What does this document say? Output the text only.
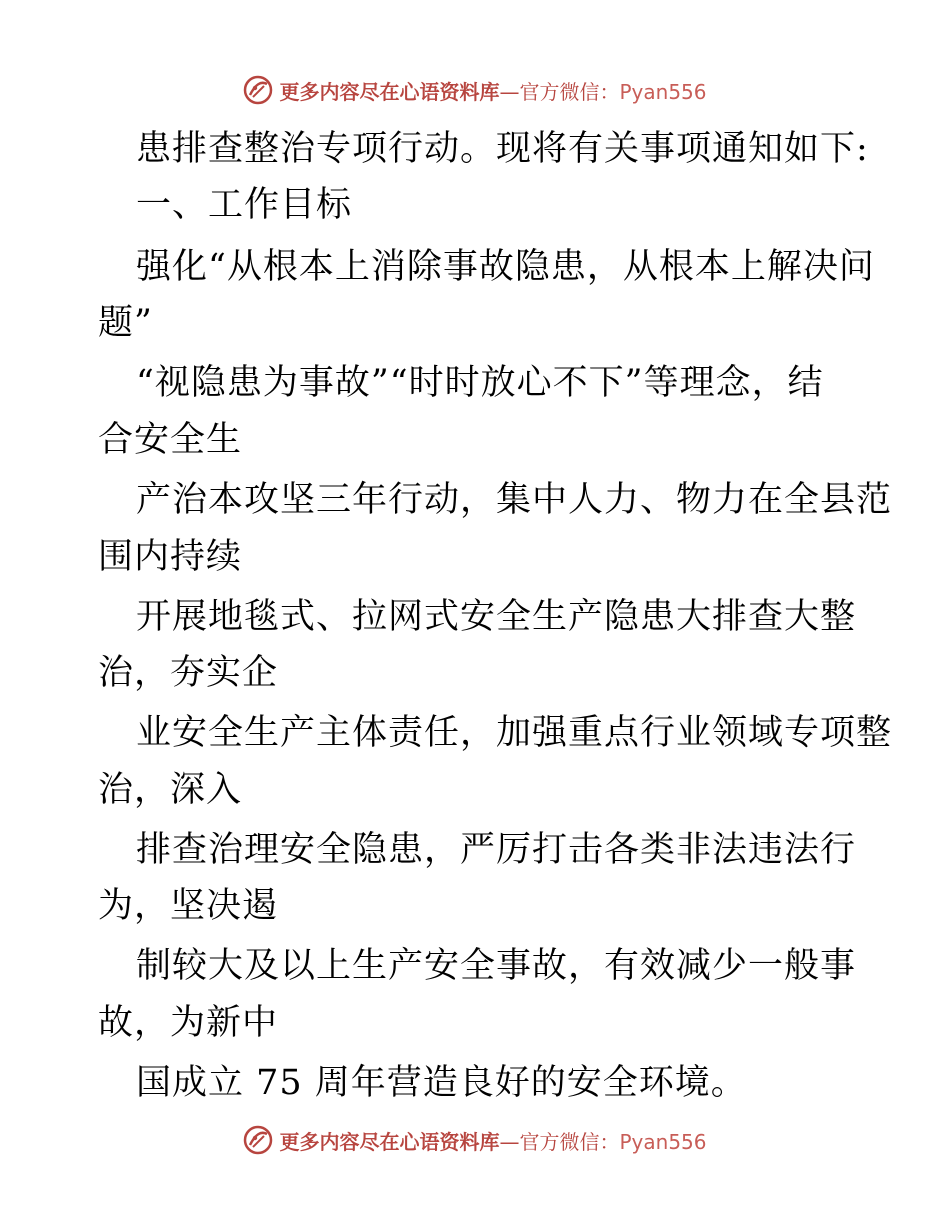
更多内容尽在心语资料库—官方微信：Pyan556
患排查整治专项行动。现将有关事项通知如下:
一、工作目标
强化“从根本上消除事故隐患，从根本上解决问
题”
“视隐患为事故”“时时放心不下”等理念，结
合安全生
产治本攻坚三年行动，集中人力、物力在全县范
围内持续
开展地毯式、拉网式安全生产隐患大排查大整
治，夯实企
业安全生产主体责任，加强重点行业领域专项整
治，深入
排查治理安全隐患，严厉打击各类非法违法行
为，坚决遏
制较大及以上生产安全事故，有效减少一般事
故，为新中
国成立 75 周年营造良好的安全环境。
更多内容尽在心语资料库—官方微信：Pyan556
